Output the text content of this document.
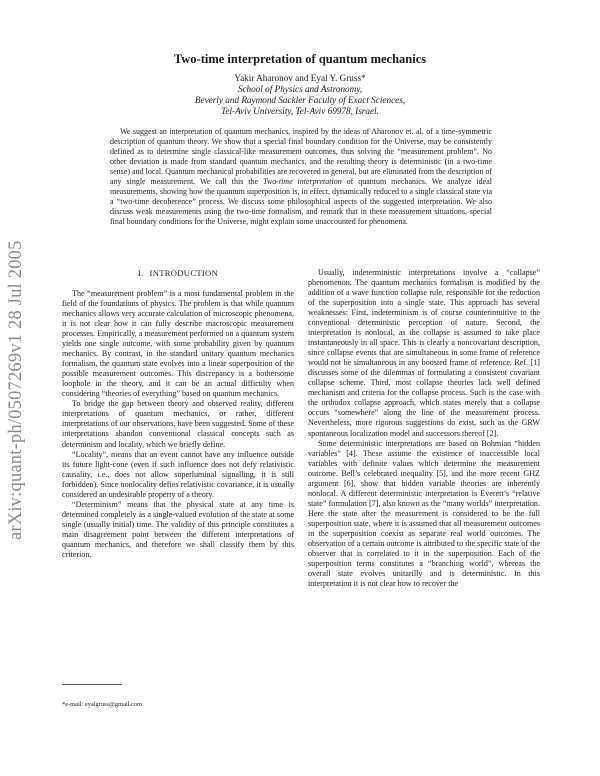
arXiv:quant-ph/0507269v1 28 Jul 2005
Two-time interpretation of quantum mechanics
Yakir Aharonov and Eyal Y. Gruss*
School of Physics and Astronomy,
Beverly and Raymond Sackler Faculty of Exact Sciences,
Tel-Aviv University, Tel-Aviv 69978, Israel.

We suggest an interpretation of quantum mechanics, inspired by the ideas of Aharonov et. al. of a time-symmetric description of quantum theory. We show that a special final boundary condition for the Universe, may be consistently defined as to determine single classical-like measurement outcomes, thus solving the “measurement problem”. No other deviation is made from standard quantum mechanics, and the resulting theory is deterministic (in a two-time sense) and local. Quantum mechanical probabilities are recovered in general, but are eliminated from the description of any single measurement. We call this the Two-time interpretation of quantum mechanics. We analyze ideal measurements, showing how the quantum superposition is, in effect, dynamically reduced to a single classical state via a “two-time decoherence” process. We discuss some philosophical aspects of the suggested interpretation. We also discuss weak measurements using the two-time formalism, and remark that in these measurement situations, special final boundary conditions for the Universe, might explain some unaccounted for phenomena.

I. INTRODUCTION

The “measurement problem” is a most fundamental problem in the field of the foundations of physics. The problem is that while quantum mechanics allows very accurate calculation of microscopic phenomena, it is not clear how it can fully describe macroscopic measurement processes. Empirically, a measurement performed on a quantum system yields one single outcome, with some probability given by quantum mechanics. By contrast, in the standard unitary quantum mechanics formalism, the quantum state evolves into a linear superposition of the possible measurement outcomes. This discrepancy is a bothersome loophole in the theory, and it can be an actual difficulty when considering “theories of everything” based on quantum mechanics.

To bridge the gap between theory and observed reality, different interpretations of quantum mechanics, or rather, different interpretations of our observations, have been suggested. Some of these interpretations abandon conventional classical concepts such as determinism and locality, which we briefly define.

“Locality”, means that an event cannot have any influence outside its future light-cone (even if such influence does not defy relativistic causality, i.e., does not allow superluminal signalling, it is still forbidden). Since nonlocality defies relativistic covariance, it is usually considered an undesirable property of a theory.

“Determinism” means that the physical state at any time is determined completely as a single-valued evolution of the state at some single (usually initial) time. The validity of this principle constitutes a main disagreement point between the different interpretations of quantum mechanics, and therefore we shall classify them by this criterion.

Usually, indeterministic interpretations involve a “collapse” phenomenon. The quantum mechanics formalism is modified by the addition of a wave function collapse rule, responsible for the reduction of the superposition into a single state. This approach has several weaknesses: First, indeterminism is of course counterintuitive to the conventional deterministic perception of nature. Second, the interpretation is nonlocal, as the collapse is assumed to take place instantaneously in all space. This is clearly a noncovariant description, since collapse events that are simultaneous in some frame of reference would not be simultaneous in any boosted frame of reference. Ref. [1] discusses some of the dilemmas of formulating a consistent covariant collapse scheme. Third, most collapse theories lack well defined mechanism and criteria for the collapse process. Such is the case with the orthodox collapse approach, which states merely that a collapse occurs “somewhere” along the line of the measurement process. Nevertheless, more rigorous suggestions do exist, such as the GRW spontaneous localization model and successors thereof [2].

Some deterministic interpretations are based on Bohmian “hidden variables” [4]. These assume the existence of inaccessible local variables with definite values which determine the measurement outcome. Bell’s celebrated inequality [5], and the more recent GHZ argument [6], show that hidden variable theories are inherently nonlocal. A different deterministic interpretation is Everett’s “relative state” formulation [7], also known as the “many worlds” interpretation. Here the state after the measurement is considered to be the full superposition state, where it is assumed that all measurement outcomes in the superposition coexist as separate real world outcomes. The observation of a certain outcome is attributed to the specific state of the observer that is correlated to it in the superposition. Each of the superposition terms constitutes a “branching world”, whereas the overall state evolves unitarilly and is deterministic. In this interpretation it is not clear how to recover the

*e-mail: eyalgruss@gmail.com
